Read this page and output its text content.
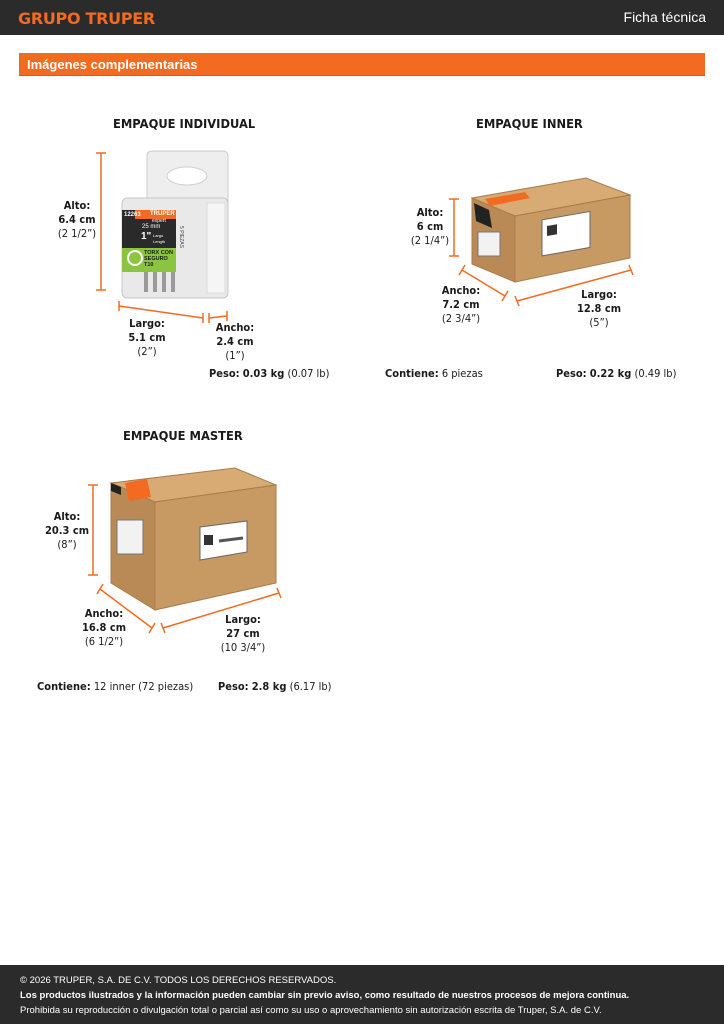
GRUPO TRUPER	Ficha técnica
Imágenes complementarias
EMPAQUE INDIVIDUAL
12263 TRUPER
expert
25 mm
1" Largo
Length	5 PIEZAS
TORX CON
SEGURO
T10
Alto:
6.4 cm
(2 1/2”)
Largo:
5.1 cm
(2”)
Ancho:
2.4 cm
(1”)
Peso: 0.03 kg (0.07 lb)
EMPAQUE INNER
Alto:
6 cm
(2 1/4”)
Ancho:
7.2 cm
(2 3/4”)
Largo:
12.8 cm
(5”)
Contiene: 6 piezas	Peso: 0.22 kg (0.49 lb)
EMPAQUE MASTER
Alto:
20.3 cm
(8”)
Ancho:
16.8 cm
(6 1/2”)
Largo:
27 cm
(10 3/4”)
Contiene: 12 inner (72 piezas) Peso: 2.8 kg (6.17 lb)
© 2026 TRUPER, S.A. DE C.V. TODOS LOS DERECHOS RESERVADOS.
Los productos ilustrados y la información pueden cambiar sin previo aviso, como resultado de nuestros procesos de mejora continua.
Prohibida su reproducción o divulgación total o parcial así como su uso o aprovechamiento sin autorización escrita de Truper, S.A. de C.V.
